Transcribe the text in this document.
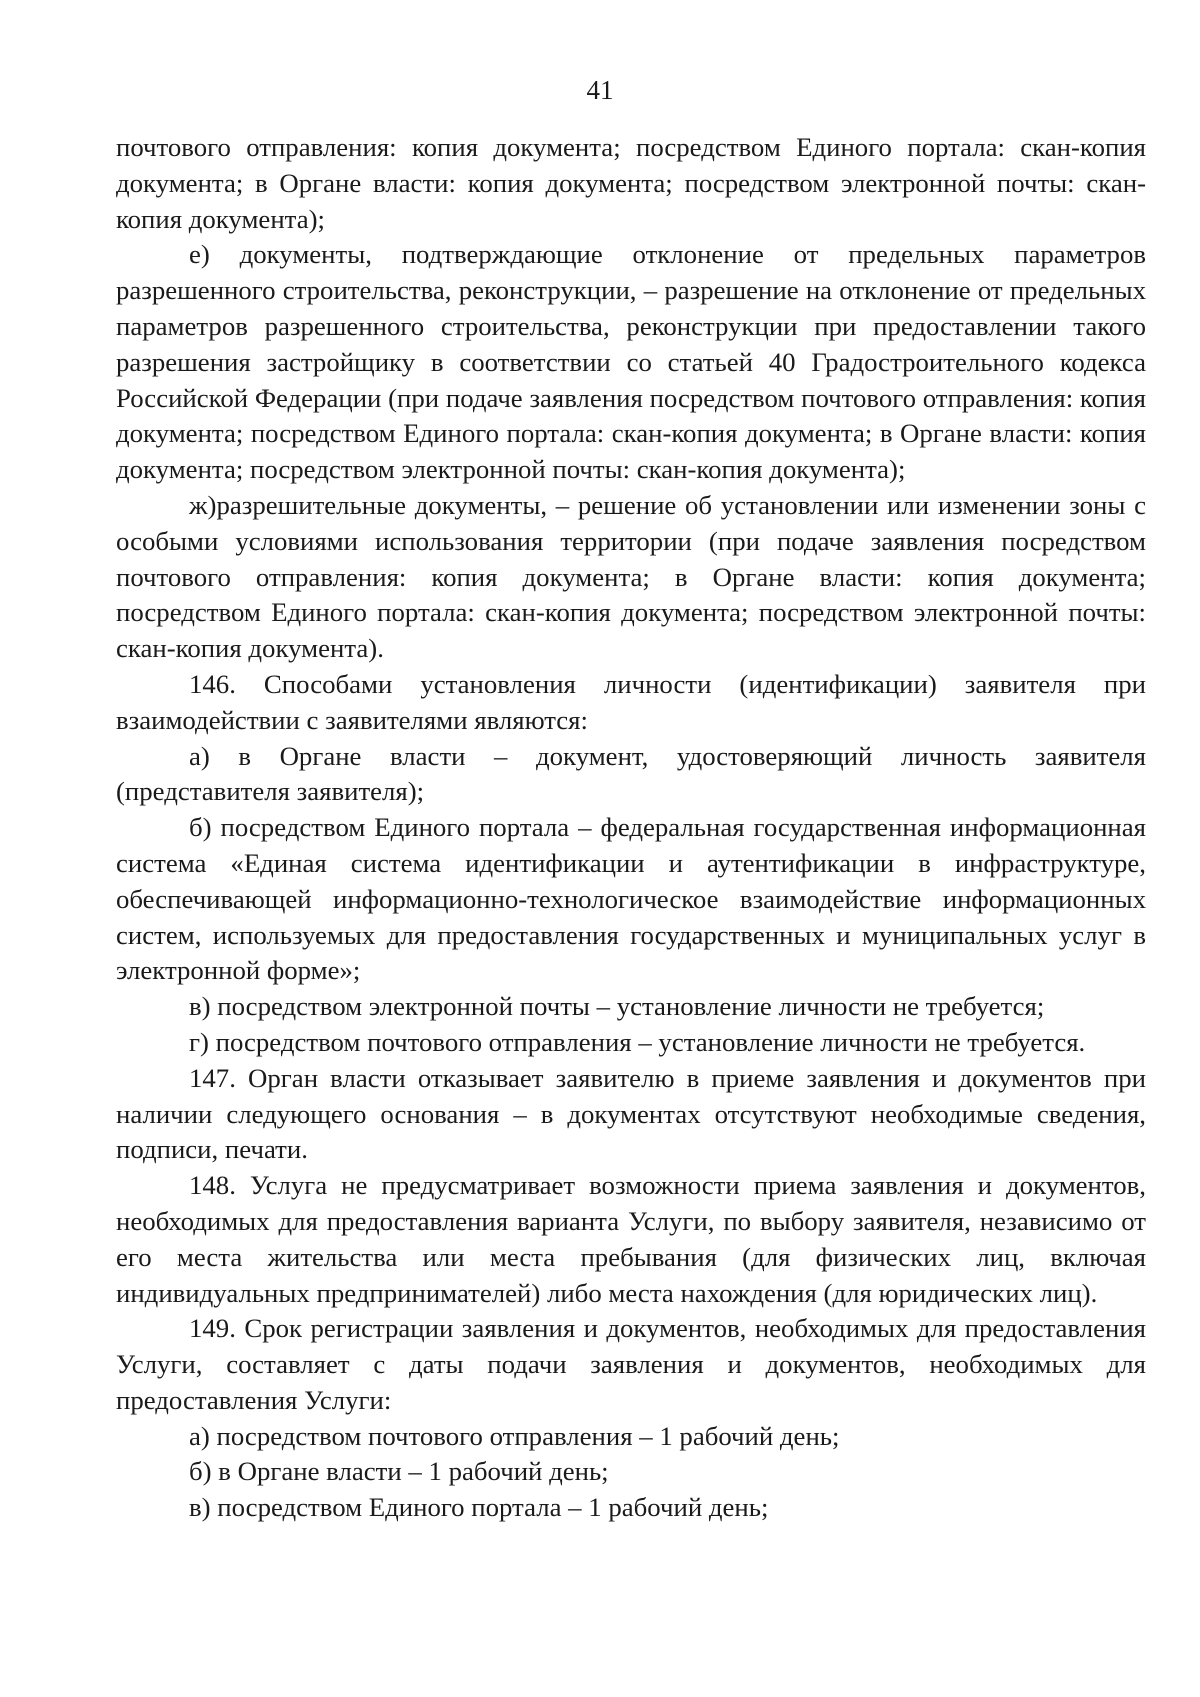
41

почтового отправления: копия документа; посредством Единого портала: скан-копия документа; в Органе власти: копия документа; посредством электронной почты: скан-копия документа);

е) документы, подтверждающие отклонение от предельных параметров разрешенного строительства, реконструкции, – разрешение на отклонение от предельных параметров разрешенного строительства, реконструкции при предоставлении такого разрешения застройщику в соответствии со статьей 40 Градостроительного кодекса Российской Федерации (при подаче заявления посредством почтового отправления: копия документа; посредством Единого портала: скан-копия документа; в Органе власти: копия документа; посредством электронной почты: скан-копия документа);

ж)разрешительные документы, – решение об установлении или изменении зоны с особыми условиями использования территории (при подаче заявления посредством почтового отправления: копия документа; в Органе власти: копия документа; посредством Единого портала: скан-копия документа; посредством электронной почты: скан-копия документа).

146. Способами установления личности (идентификации) заявителя при взаимодействии с заявителями являются:

а) в Органе власти – документ, удостоверяющий личность заявителя (представителя заявителя);

б) посредством Единого портала – федеральная государственная информационная система «Единая система идентификации и аутентификации в инфраструктуре, обеспечивающей информационно-технологическое взаимодействие информационных систем, используемых для предоставления государственных и муниципальных услуг в электронной форме»;

в) посредством электронной почты – установление личности не требуется;

г) посредством почтового отправления – установление личности не требуется.

147. Орган власти отказывает заявителю в приеме заявления и документов при наличии следующего основания – в документах отсутствуют необходимые сведения, подписи, печати.

148. Услуга не предусматривает возможности приема заявления и документов, необходимых для предоставления варианта Услуги, по выбору заявителя, независимо от его места жительства или места пребывания (для физических лиц, включая индивидуальных предпринимателей) либо места нахождения (для юридических лиц).

149. Срок регистрации заявления и документов, необходимых для предоставления Услуги, составляет с даты подачи заявления и документов, необходимых для предоставления Услуги:

а) посредством почтового отправления – 1 рабочий день;

б) в Органе власти – 1 рабочий день;

в) посредством Единого портала – 1 рабочий день;
